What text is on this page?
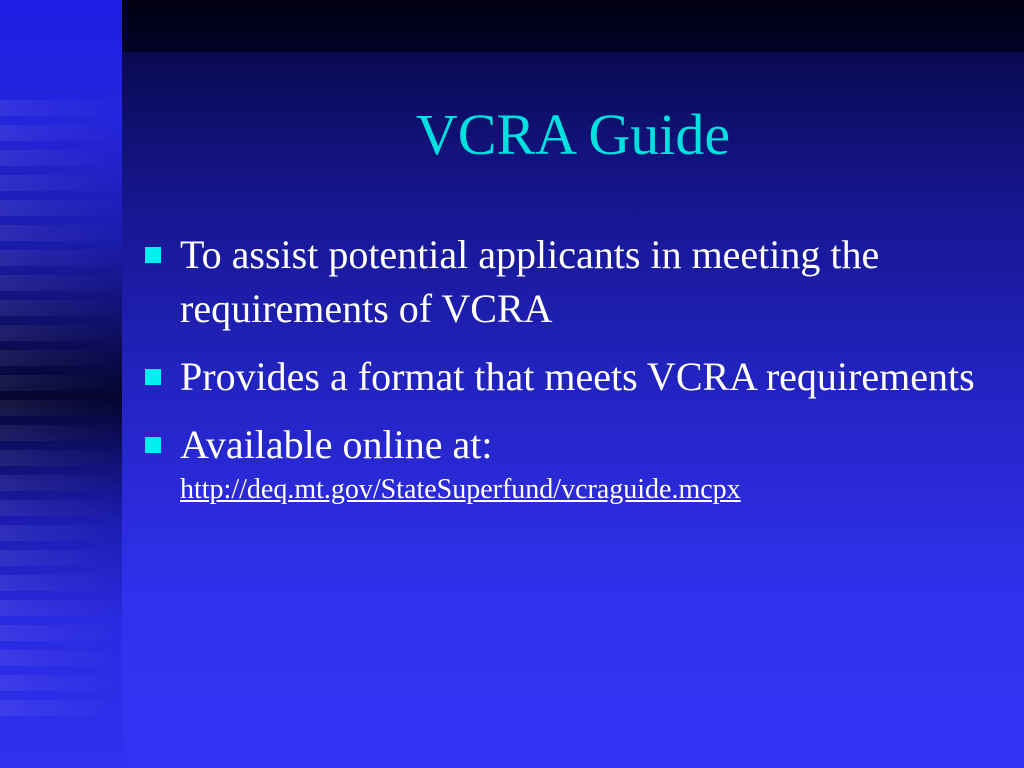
VCRA Guide
To assist potential applicants in meeting the requirements of VCRA
Provides a format that meets VCRA requirements
Available online at:
http://deq.mt.gov/StateSuperfund/vcraguide.mcpx
